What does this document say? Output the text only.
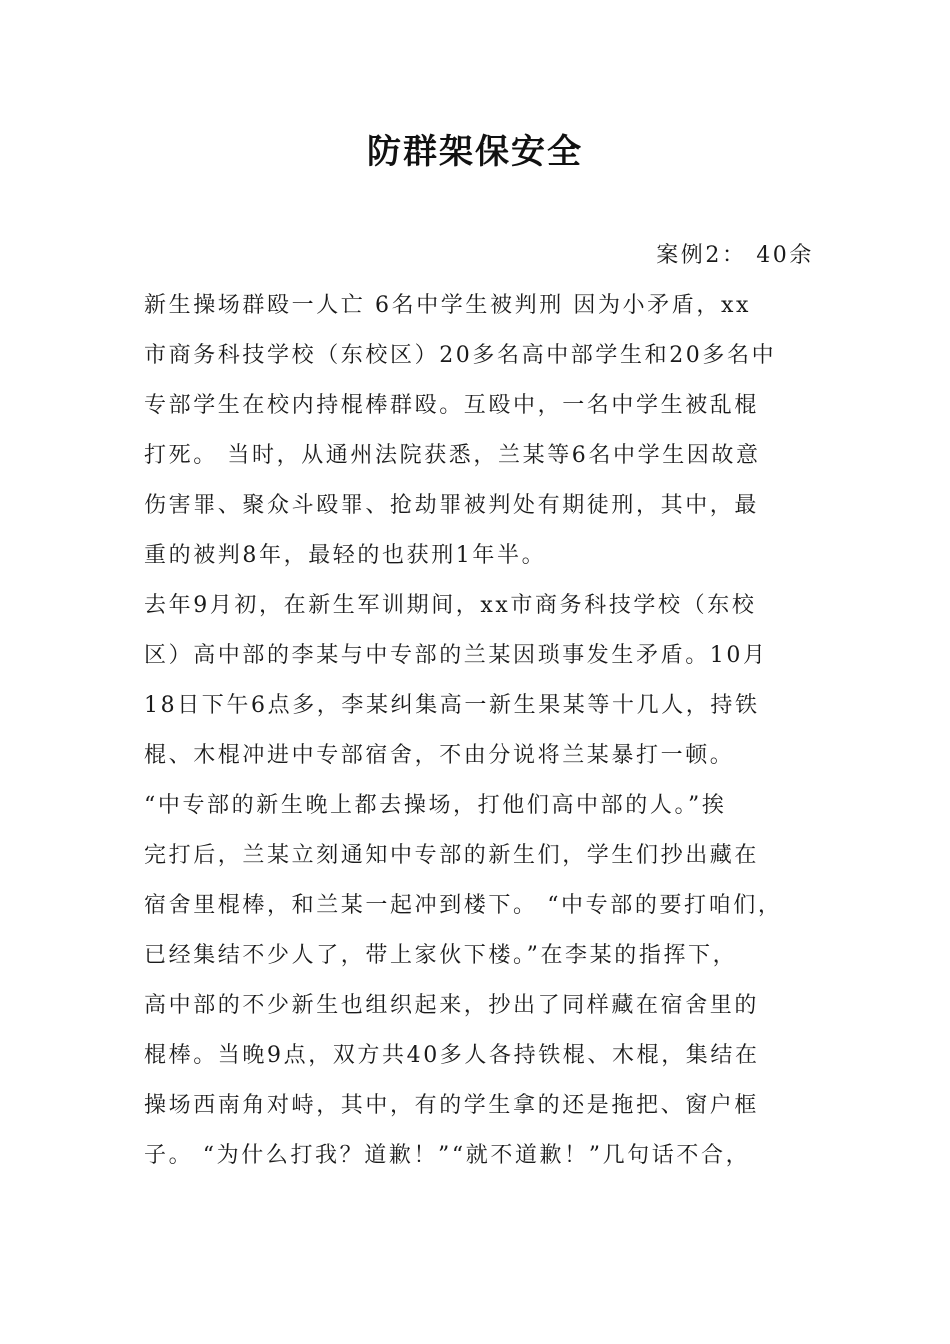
防群架保安全
案例2： 40余
新生操场群殴一人亡 6名中学生被判刑 因为小矛盾，xx
市商务科技学校（东校区）20多名高中部学生和20多名中
专部学生在校内持棍棒群殴。互殴中，一名中学生被乱棍
打死。 当时，从通州法院获悉，兰某等6名中学生因故意
伤害罪、聚众斗殴罪、抢劫罪被判处有期徒刑，其中，最
重的被判8年，最轻的也获刑1年半。
去年9月初，在新生军训期间，xx市商务科技学校（东校
区）高中部的李某与中专部的兰某因琐事发生矛盾。10月
18日下午6点多，李某纠集高一新生果某等十几人，持铁
棍、木棍冲进中专部宿舍，不由分说将兰某暴打一顿。
“中专部的新生晚上都去操场，打他们高中部的人。”挨
完打后，兰某立刻通知中专部的新生们，学生们抄出藏在
宿舍里棍棒，和兰某一起冲到楼下。 “中专部的要打咱们，
已经集结不少人了，带上家伙下楼。”在李某的指挥下，
高中部的不少新生也组织起来，抄出了同样藏在宿舍里的
棍棒。当晚9点，双方共40多人各持铁棍、木棍，集结在
操场西南角对峙，其中，有的学生拿的还是拖把、窗户框
子。 “为什么打我？道歉！”“就不道歉！”几句话不合，
